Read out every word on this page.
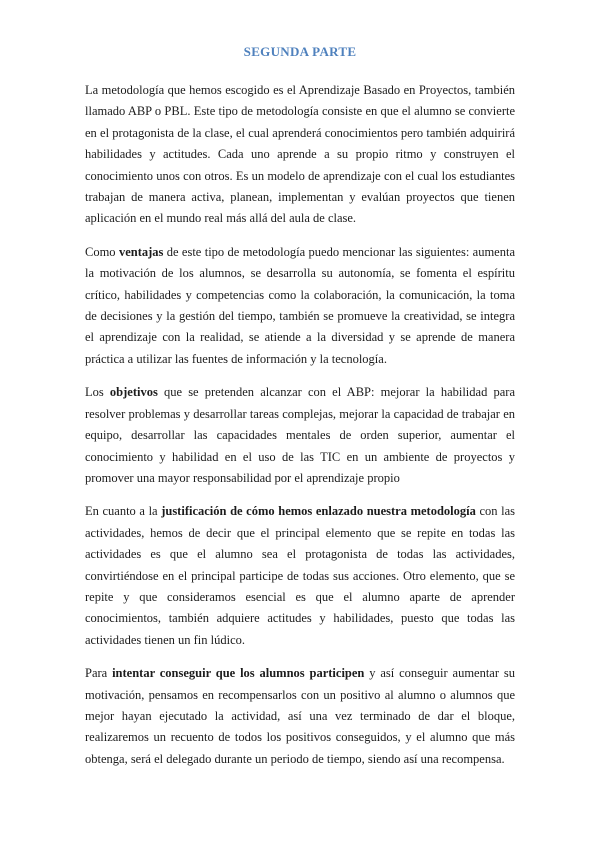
SEGUNDA PARTE

La metodología que hemos escogido es el Aprendizaje Basado en Proyectos, también llamado ABP o PBL. Este tipo de metodología consiste en que el alumno se convierte en el protagonista de la clase, el cual aprenderá conocimientos pero también adquirirá habilidades y actitudes. Cada uno aprende a su propio ritmo y construyen el conocimiento unos con otros. Es un modelo de aprendizaje con el cual los estudiantes trabajan de manera activa, planean, implementan y evalúan proyectos que tienen aplicación en el mundo real más allá del aula de clase.

Como ventajas de este tipo de metodología puedo mencionar las siguientes: aumenta la motivación de los alumnos, se desarrolla su autonomía, se fomenta el espíritu crítico, habilidades y competencias como la colaboración, la comunicación, la toma de decisiones y la gestión del tiempo, también se promueve la creatividad, se integra el aprendizaje con la realidad, se atiende a la diversidad y se aprende de manera práctica a utilizar las fuentes de información y la tecnología.

Los objetivos que se pretenden alcanzar con el ABP: mejorar la habilidad para resolver problemas y desarrollar tareas complejas, mejorar la capacidad de trabajar en equipo, desarrollar las capacidades mentales de orden superior, aumentar el conocimiento y habilidad en el uso de las TIC en un ambiente de proyectos y promover una mayor responsabilidad por el aprendizaje propio

En cuanto a la justificación de cómo hemos enlazado nuestra metodología con las actividades, hemos de decir que el principal elemento que se repite en todas las actividades es que el alumno sea el protagonista de todas las actividades, convirtiéndose en el principal participe de todas sus acciones. Otro elemento, que se repite y que consideramos esencial es que el alumno aparte de aprender conocimientos, también adquiere actitudes y habilidades, puesto que todas las actividades tienen un fin lúdico.

Para intentar conseguir que los alumnos participen y así conseguir aumentar su motivación, pensamos en recompensarlos con un positivo al alumno o alumnos que mejor hayan ejecutado la actividad, así una vez terminado de dar el bloque, realizaremos un recuento de todos los positivos conseguidos, y el alumno que más obtenga, será el delegado durante un periodo de tiempo, siendo así una recompensa.
